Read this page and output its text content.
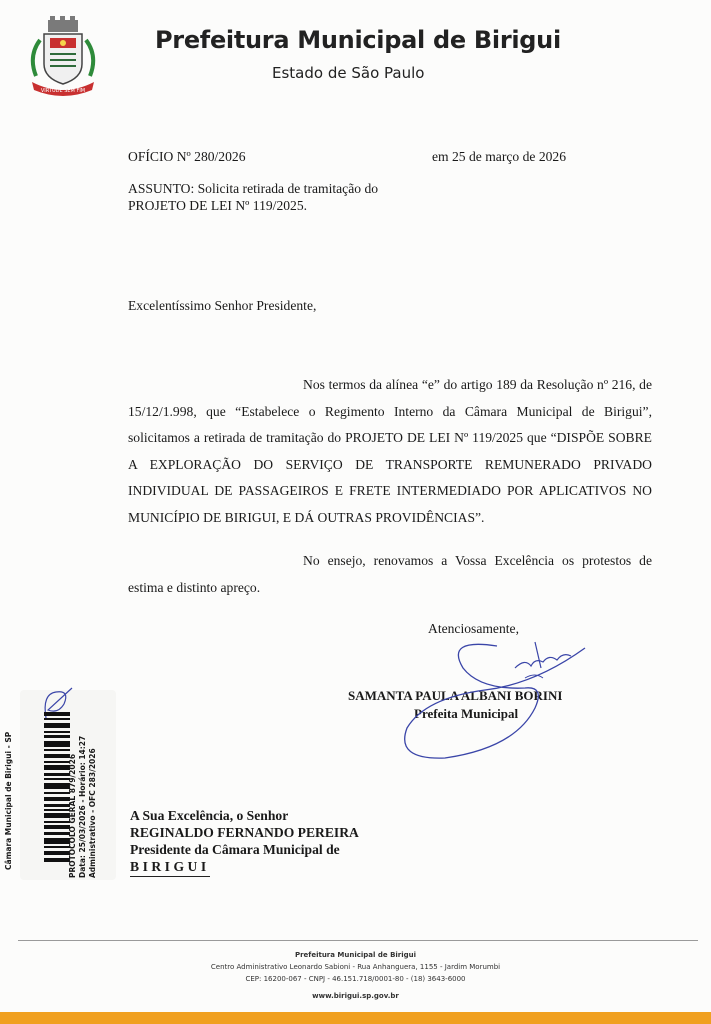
VIRTUDE SEM FIM
Prefeitura Municipal de Birigui
Estado de São Paulo
OFÍCIO Nº 280/2026	em 25 de março de 2026
ASSUNTO: Solicita retirada de tramitação do
PROJETO DE LEI Nº 119/2025.
Excelentíssimo Senhor Presidente,

Nos termos da alínea “e” do artigo 189 da Resolução nº 216, de 15/12/1.998, que “Estabelece o Regimento Interno da Câmara Municipal de Birigui”, solicitamos a retirada de tramitação do PROJETO DE LEI Nº 119/2025 que “DISPÕE SOBRE A EXPLORAÇÃO DO SERVIÇO DE TRANSPORTE REMUNERADO PRIVADO INDIVIDUAL DE PASSAGEIROS E FRETE INTERMEDIADO POR APLICATIVOS NO MUNICÍPIO DE BIRIGUI, E DÁ OUTRAS PROVIDÊNCIAS”.

No ensejo, renovamos a Vossa Excelência os protestos de estima e distinto apreço.

Atenciosamente,
SAMANTA PAULA ALBANI BORINI
Prefeita Municipal
Câmara Municipal de Birigui - SP	PROTOCOLO GERAL 879/2026 Data: 25/03/2026 - Horário: 14:27 Administrativo - OFC 283/2026 A Sua Excelência, o Senhor
REGINALDO FERNANDO PEREIRA
Presidente da Câmara Municipal de
BIRIGUI
Prefeitura Municipal de Birigui
Centro Administrativo Leonardo Sabioni - Rua Anhanguera, 1155 - Jardim Morumbi
CEP: 16200-067 - CNPJ - 46.151.718/0001-80 - (18) 3643-6000
www.birigui.sp.gov.br
